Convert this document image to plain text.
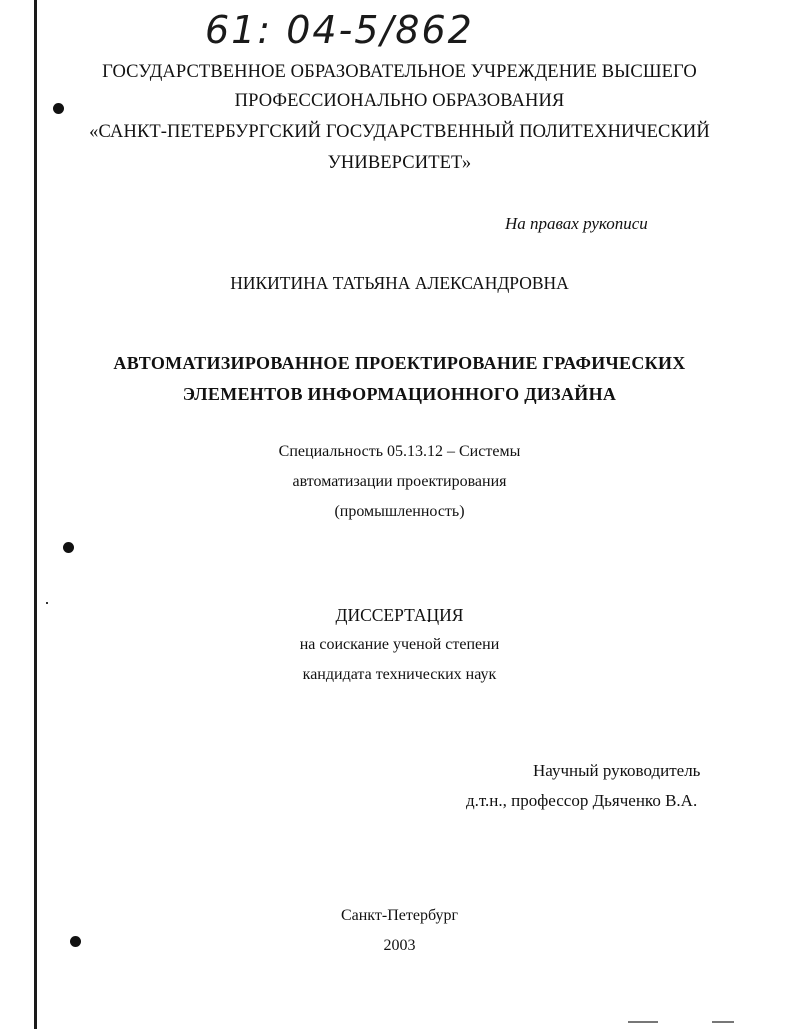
61: 04-5/862
ГОСУДАРСТВЕННОЕ ОБРАЗОВАТЕЛЬНОЕ УЧРЕЖДЕНИЕ ВЫСШЕГО
ПРОФЕССИОНАЛЬНО ОБРАЗОВАНИЯ
«САНКТ-ПЕТЕРБУРГСКИЙ ГОСУДАРСТВЕННЫЙ ПОЛИТЕХНИЧЕСКИЙ
УНИВЕРСИТЕТ»
На правах рукописи
НИКИТИНА ТАТЬЯНА АЛЕКСАНДРОВНА
АВТОМАТИЗИРОВАННОЕ ПРОЕКТИРОВАНИЕ ГРАФИЧЕСКИХ
ЭЛЕМЕНТОВ ИНФОРМАЦИОННОГО ДИЗАЙНА
Специальность 05.13.12 – Системы
автоматизации проектирования
(промышленность)
ДИССЕРТАЦИЯ
на соискание ученой степени
кандидата технических наук
Научный руководитель
д.т.н., профессор Дьяченко В.А.
Санкт-Петербург
2003
